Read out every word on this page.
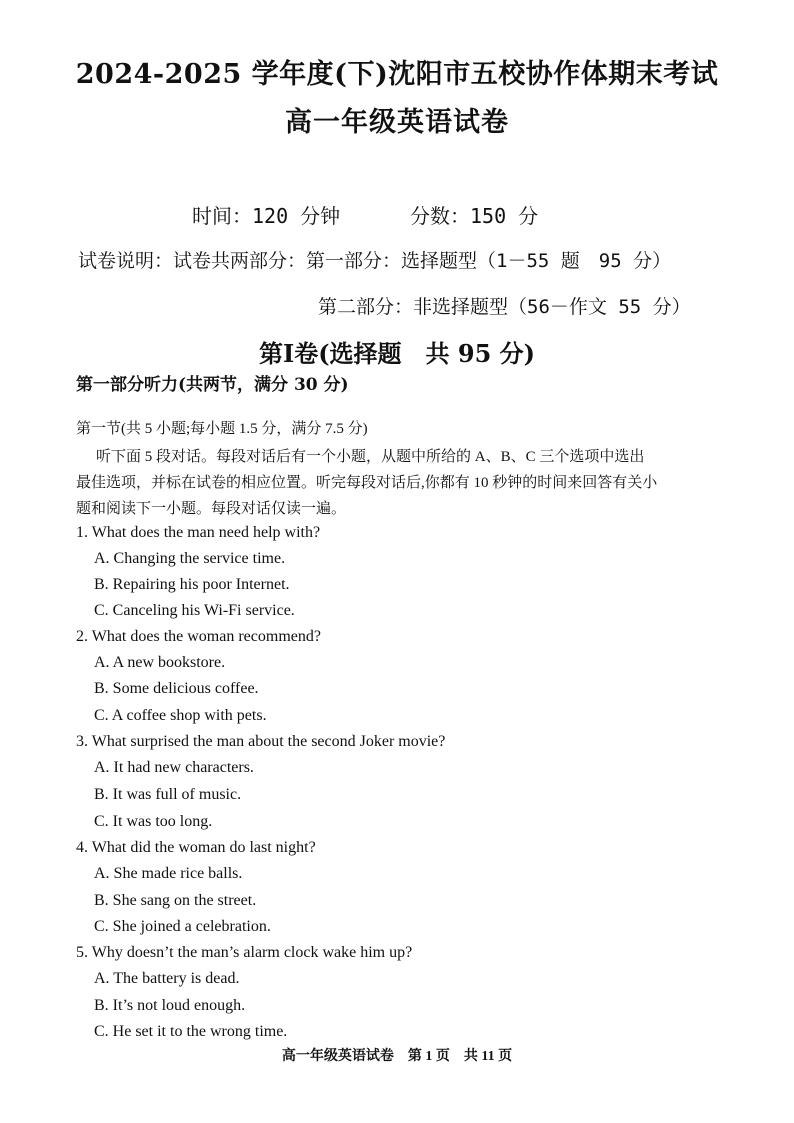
2024-2025 学年度(下)沈阳市五校协作体期末考试
高一年级英语试卷
时间：120 分钟	分数：150 分
试卷说明：试卷共两部分：第一部分：选择题型（1－55 题　95 分）
第二部分：非选择题型（56－作文 55 分）
第Ⅰ卷(选择题　共 95 分)
第一部分听力(共两节，满分 30 分)
第一节(共 5 小题;每小题 1.5 分，满分 7.5 分)
听下面 5 段对话。每段对话后有一个小题，从题中所给的 A、B、C 三个选项中选出
最佳选项，并标在试卷的相应位置。听完每段对话后,你都有 10 秒钟的时间来回答有关小
题和阅读下一小题。每段对话仅读一遍。
1. What does the man need help with?
A. Changing the service time.
B. Repairing his poor Internet.
C. Canceling his Wi-Fi service.
2. What does the woman recommend?
A. A new bookstore.
B. Some delicious coffee.
C. A coffee shop with pets.
3. What surprised the man about the second Joker movie?
A. It had new characters.
B. It was full of music.
C. It was too long.
4. What did the woman do last night?
A. She made rice balls.
B. She sang on the street.
C. She joined a celebration.
5. Why doesn’t the man’s alarm clock wake him up?
A. The battery is dead.
B. It’s not loud enough.
C. He set it to the wrong time.
高一年级英语试卷　第 1 页　共 11 页
